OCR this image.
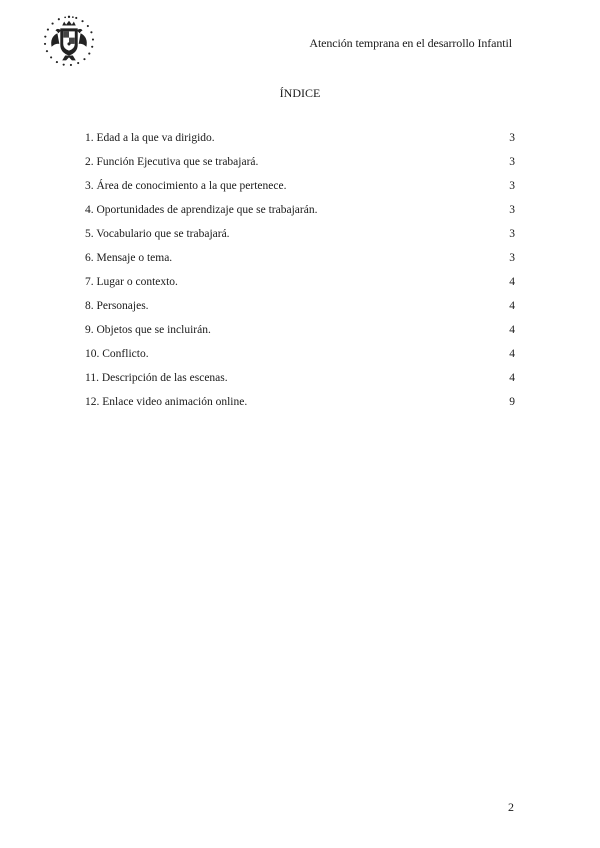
Atención temprana en el desarrollo Infantil
ÍNDICE
1. Edad a la que va dirigido.	3
2. Función Ejecutiva que se trabajará.	3
3. Área de conocimiento a la que pertenece.	3
4. Oportunidades de aprendizaje que se trabajarán.	3
5. Vocabulario que se trabajará.	3
6. Mensaje o tema.	3
7. Lugar o contexto.	4
8. Personajes.	4
9. Objetos que se incluirán.	4
10. Conflicto.	4
11. Descripción de las escenas.	4
12. Enlace video animación online.	9
2
